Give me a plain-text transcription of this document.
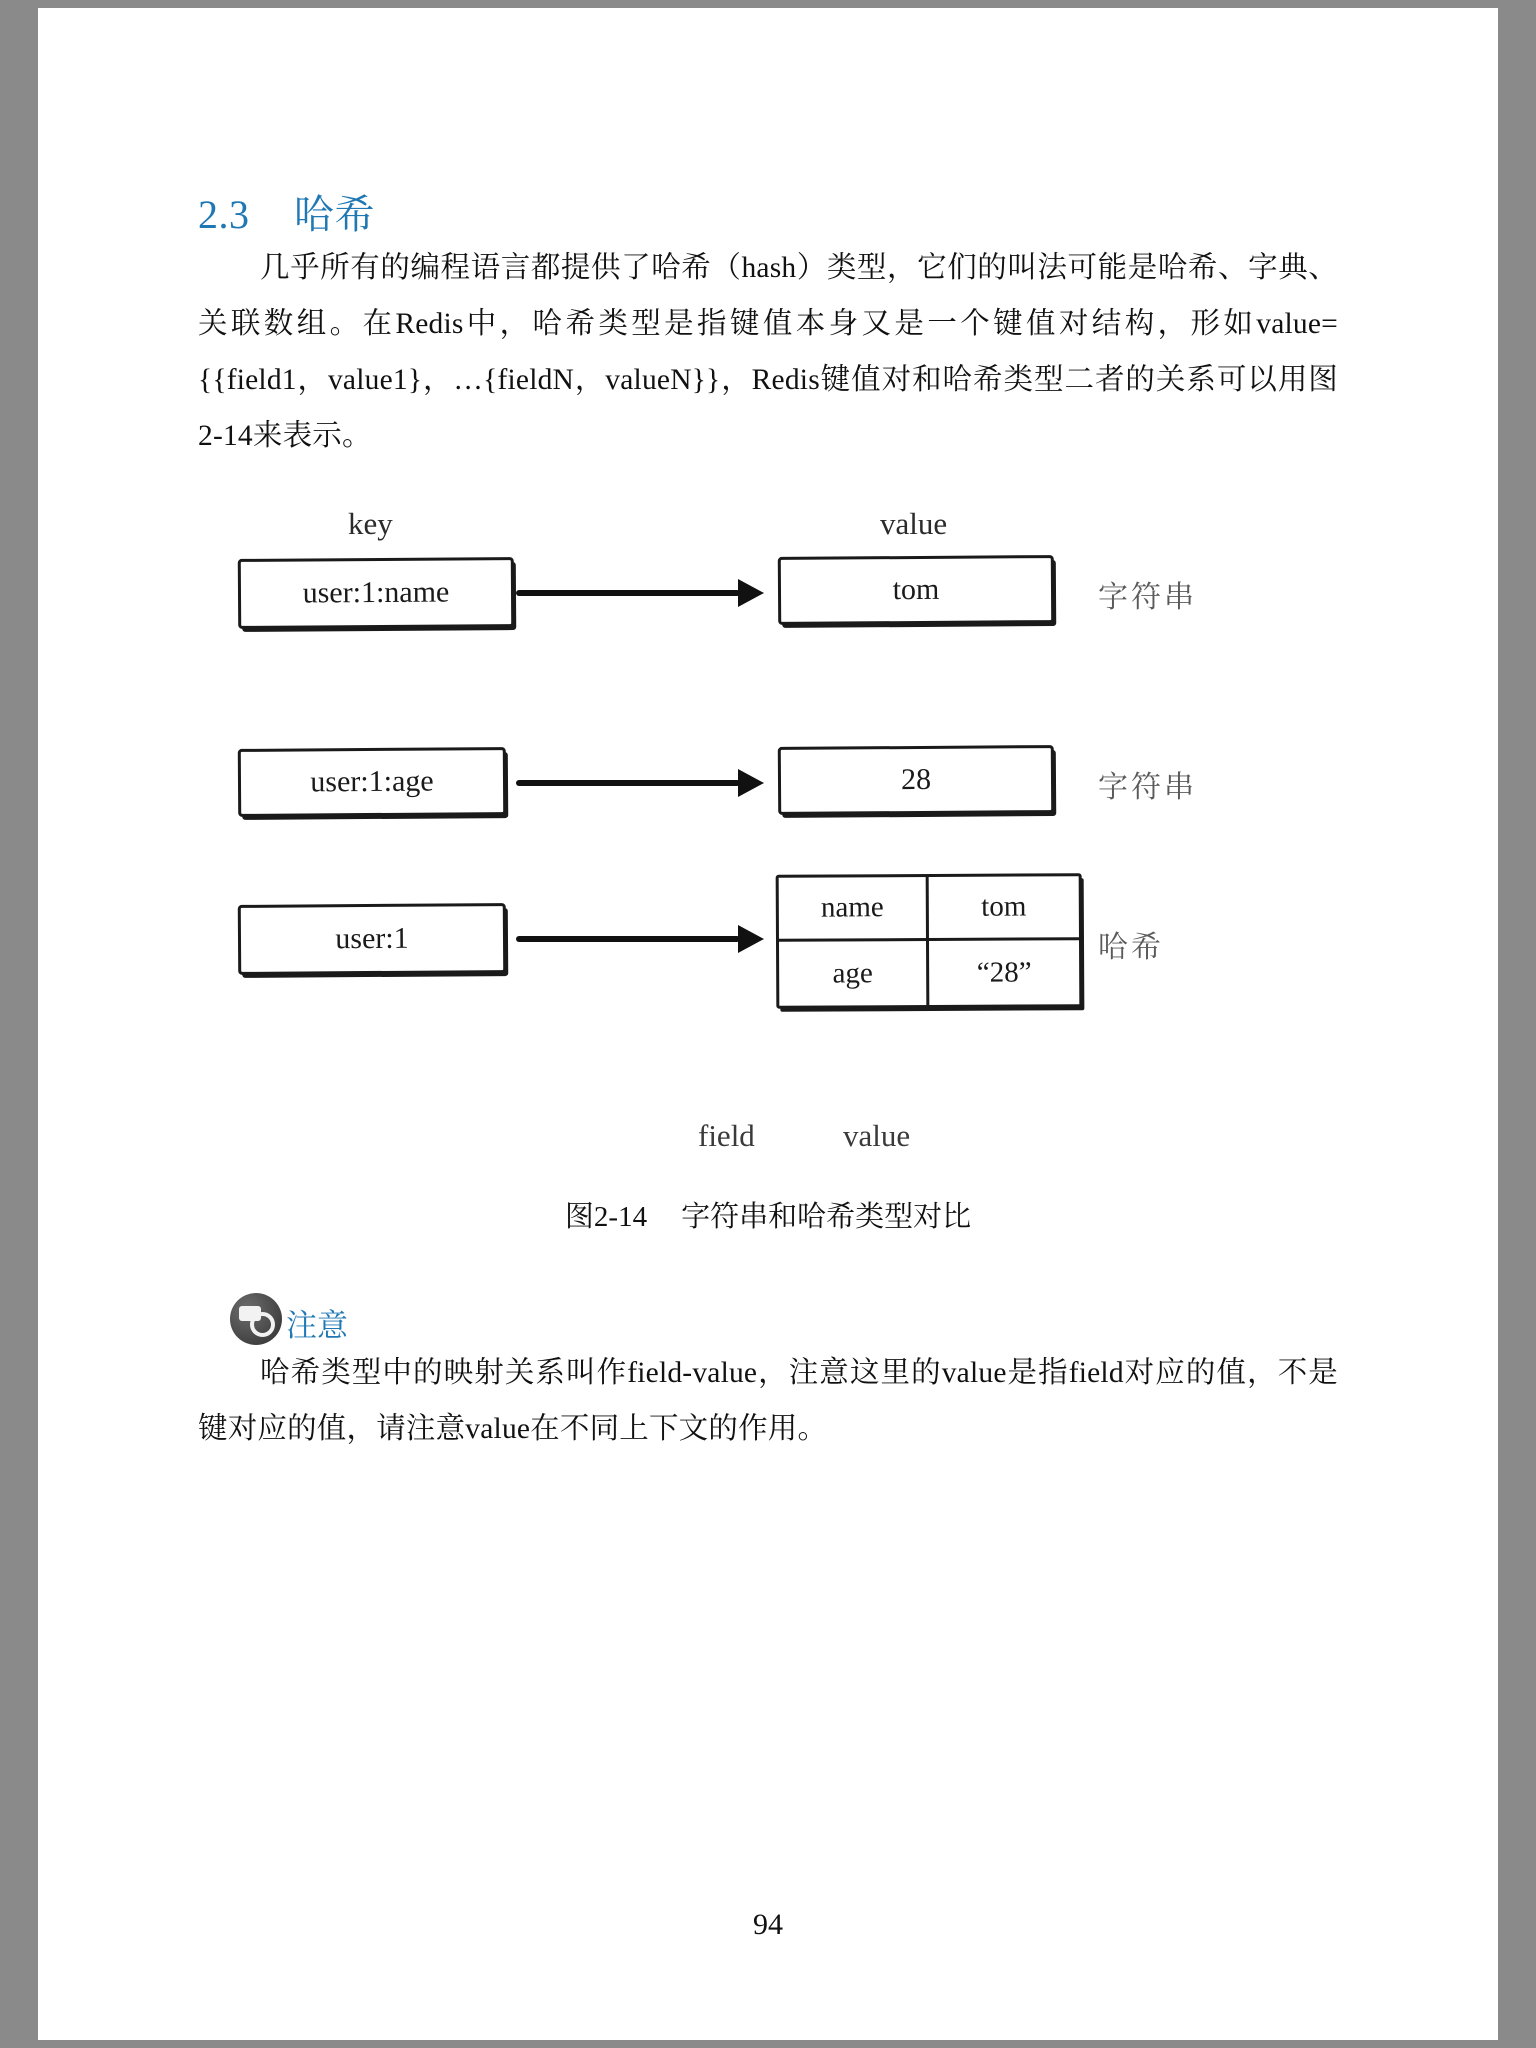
2.3 哈希

几乎所有的编程语言都提供了哈希（hash）类型，它们的叫法可能是哈希、字典、关联数组。在Redis中，哈希类型是指键值本身又是一个键值对结构，形如value={{field1，value1}，…{fieldN，valueN}}，Redis键值对和哈希类型二者的关系可以用图2-14来表示。

key	value
user:1:name	tom	字符串
user:1:age	28	字符串
user:1
name	tom
age	“28”
哈希
field	value
图2-14 字符串和哈希类型对比
注意

哈希类型中的映射关系叫作field-value，注意这里的value是指field对应的值，不是键对应的值，请注意value在不同上下文的作用。

94
